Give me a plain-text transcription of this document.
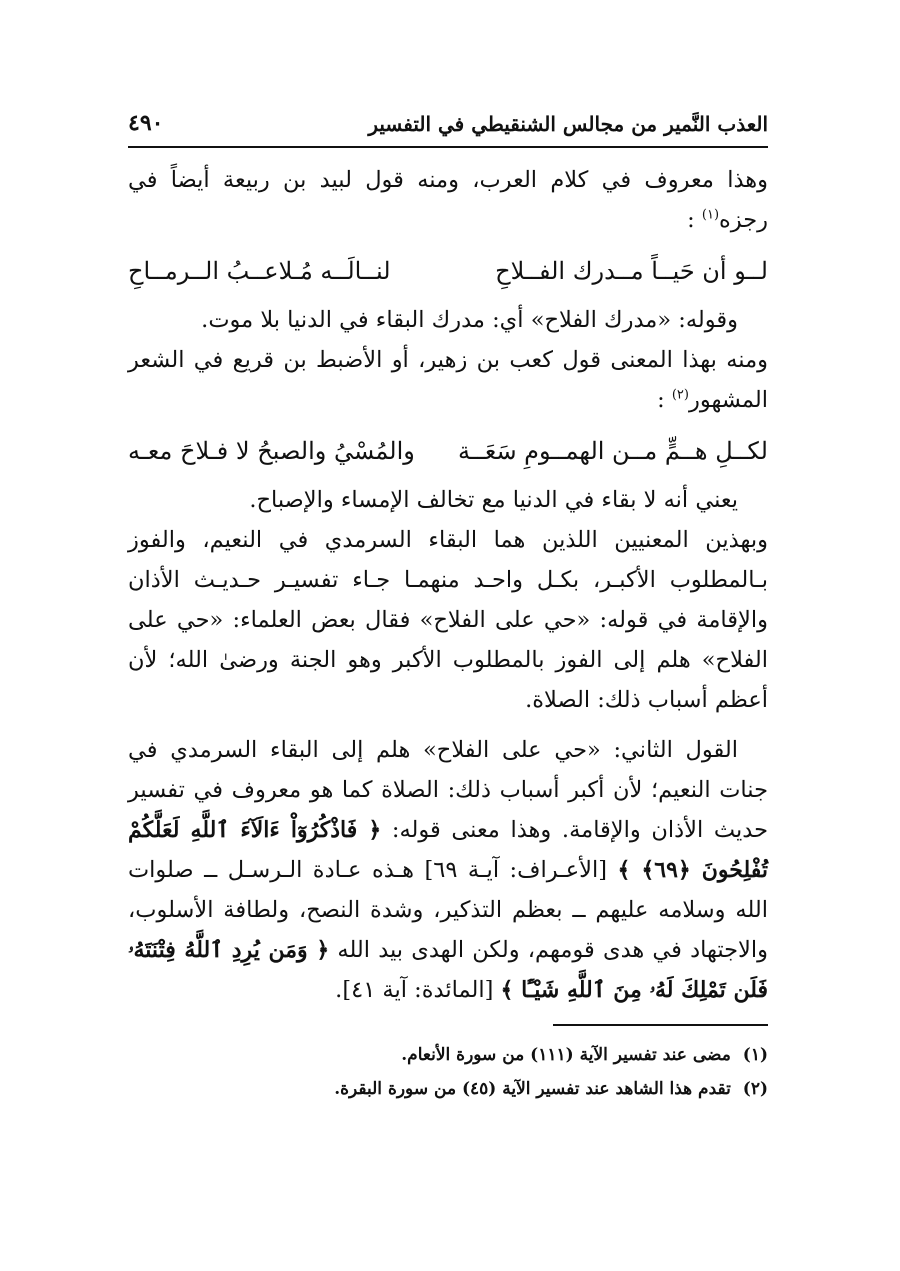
العذب النَّمير من مجالس الشنقيطي في التفسير
٤٩٠

وهذا معروف في كلام العرب، ومنه قول لبيد بن ربيعة أيضاً في رجزه$^{(١)}$ :

لــو أن حَيــاً مــدرك الفــلاحِ
لنــالَــه مُـلاعــبُ الــرمــاحِ

وقوله: «مدرك الفلاح» أي: مدرك البقاء في الدنيا بلا موت.

ومنه بهذا المعنى قول كعب بن زهير، أو الأضبط بن قريع في الشعر المشهور$^{(٢)}$ :

لكــلِ هــمٍّ مــن الهمــومِ سَعَــة
والمُسْيُ والصبحُ لا فـلاحَ معـه

يعني أنه لا بقاء في الدنيا مع تخالف الإمساء والإصباح.

وبهذين المعنيين اللذين هما البقاء السرمدي في النعيم، والفوز بـالمطلوب الأكبـر، بكـل واحـد منهمـا جـاء تفسيـر حـديـث الأذان والإقامة في قوله: «حي على الفلاح» فقال بعض العلماء: «حي على الفلاح» هلم إلى الفوز بالمطلوب الأكبر وهو الجنة ورضىٰ الله؛ لأن أعظم أسباب ذلك: الصلاة.

القول الثاني: «حي على الفلاح» هلم إلى البقاء السرمدي في جنات النعيم؛ لأن أكبر أسباب ذلك: الصلاة كما هو معروف في تفسير حديث الأذان والإقامة. وهذا معنى قوله: ﴿ فَاذْكُرُوٓاْ ءَالَآءَ ٱللَّهِ لَعَلَّكُمْ تُفْلِحُونَ ﴿٦٩﴾ ﴾ [الأعـراف: آيـة ٦٩] هـذه عـادة الـرسـل ــ صلوات الله وسلامه عليهم ــ بعظم التذكير، وشدة النصح، ولطافة الأسلوب، والاجتهاد في هدى قومهم، ولكن الهدى بيد الله ﴿ وَمَن يُرِدِ ٱللَّهُ فِتْنَتَهُۥ فَلَن تَمْلِكَ لَهُۥ مِنَ ٱللَّهِ شَيْـًٔا ﴾ [المائدة: آية ٤١].

(١) مضى عند تفسير الآية (١١١) من سورة الأنعام.
(٢) تقدم هذا الشاهد عند تفسير الآية (٤٥) من سورة البقرة.
